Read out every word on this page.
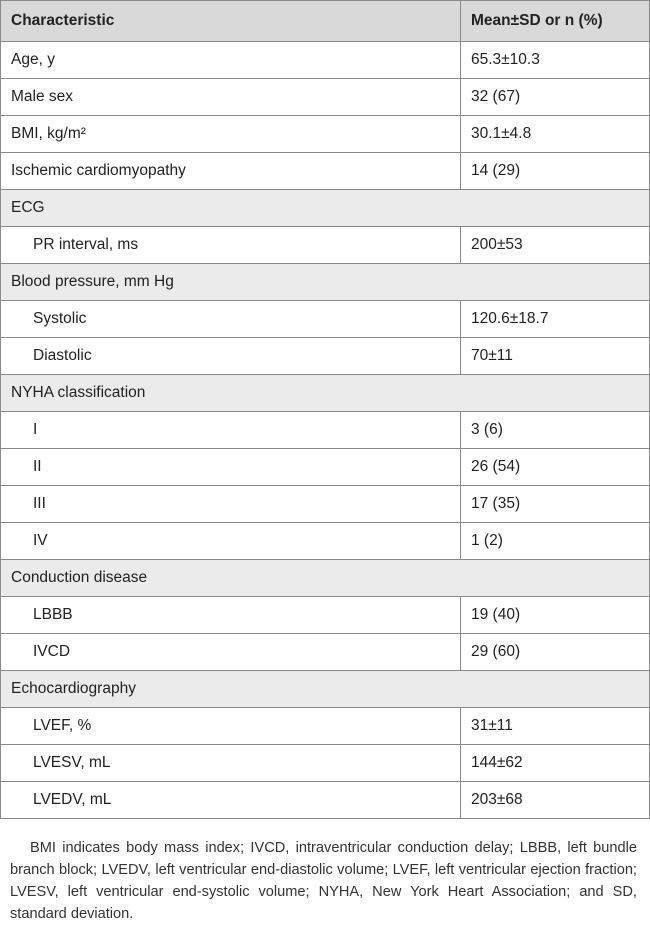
Characteristic	Mean±SD or n (%)
Age, y	65.3±10.3
Male sex	32 (67)
BMI, kg/m²	30.1±4.8
Ischemic cardiomyopathy	14 (29)
ECG	
PR interval, ms	200±53
Blood pressure, mm Hg	
Systolic	120.6±18.7
Diastolic	70±11
NYHA classification	
I	3 (6)
II	26 (54)
III	17 (35)
IV	1 (2)
Conduction disease	
LBBB	19 (40)
IVCD	29 (60)
Echocardiography	
LVEF, %	31±11
LVESV, mL	144±62
LVEDV, mL	203±68

BMI indicates body mass index; IVCD, intraventricular conduction delay; LBBB, left bundle branch block; LVEDV, left ventricular end-diastolic volume; LVEF, left ventricular ejection fraction; LVESV, left ventricular end-systolic volume; NYHA, New York Heart Association; and SD, standard deviation.
